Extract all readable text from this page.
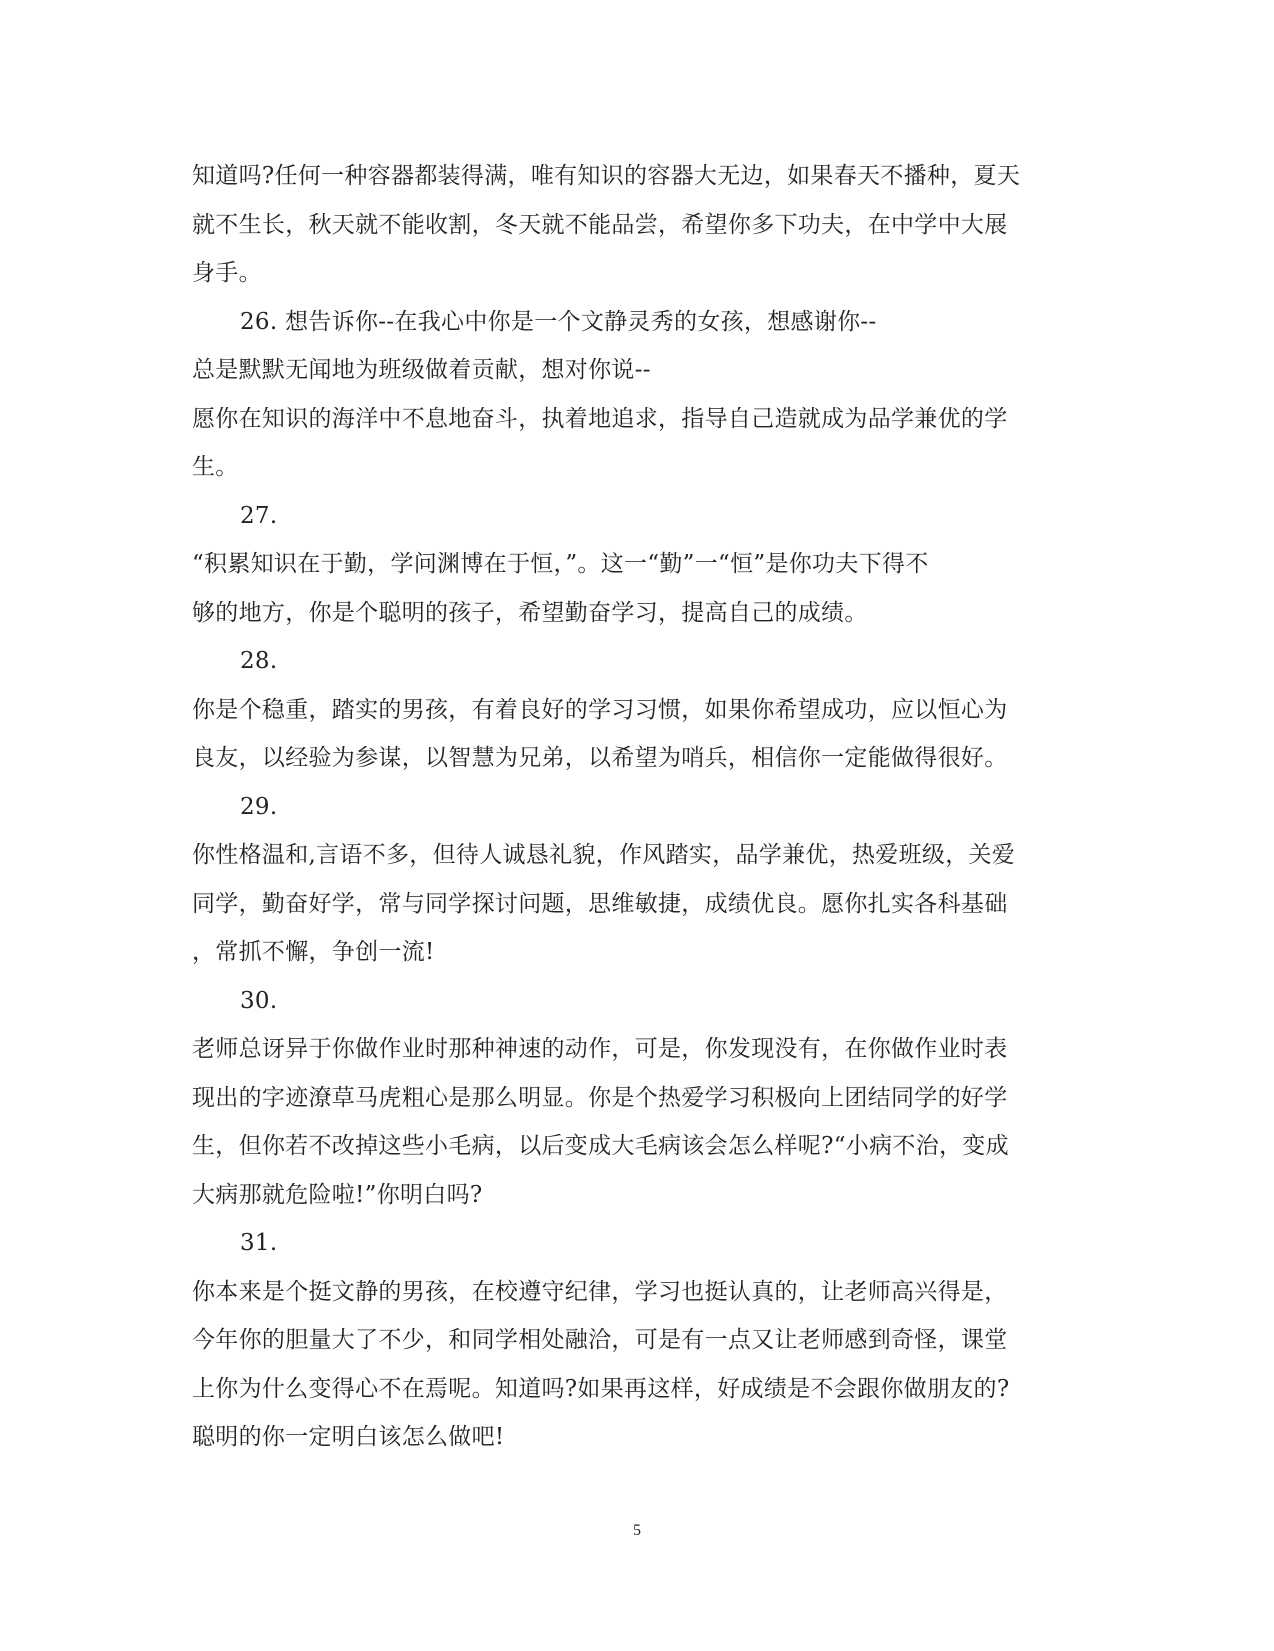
知道吗?任何一种容器都装得满，唯有知识的容器大无边，如果春天不播种，夏天
就不生长，秋天就不能收割，冬天就不能品尝，希望你多下功夫，在中学中大展
身手。
26. 想告诉你--在我心中你是一个文静灵秀的女孩，想感谢你--
总是默默无闻地为班级做着贡献，想对你说--
愿你在知识的海洋中不息地奋斗，执着地追求，指导自己造就成为品学兼优的学
生。
27.
“积累知识在于勤，学问渊博在于恒，”。这一“勤”一“恒”是你功夫下得不
够的地方，你是个聪明的孩子，希望勤奋学习，提高自己的成绩。
28.
你是个稳重，踏实的男孩，有着良好的学习习惯，如果你希望成功，应以恒心为
良友，以经验为参谋，以智慧为兄弟，以希望为哨兵，相信你一定能做得很好。
29.
你性格温和,言语不多，但待人诚恳礼貌，作风踏实，品学兼优，热爱班级，关爱
同学，勤奋好学，常与同学探讨问题，思维敏捷，成绩优良。愿你扎实各科基础
，常抓不懈，争创一流!
30.
老师总讶异于你做作业时那种神速的动作，可是，你发现没有，在你做作业时表
现出的字迹潦草马虎粗心是那么明显。你是个热爱学习积极向上团结同学的好学
生，但你若不改掉这些小毛病，以后变成大毛病该会怎么样呢?“小病不治，变成
大病那就危险啦!”你明白吗?
31.
你本来是个挺文静的男孩，在校遵守纪律，学习也挺认真的，让老师高兴得是，
今年你的胆量大了不少，和同学相处融洽，可是有一点又让老师感到奇怪，课堂
上你为什么变得心不在焉呢。知道吗?如果再这样，好成绩是不会跟你做朋友的?
聪明的你一定明白该怎么做吧!
5
